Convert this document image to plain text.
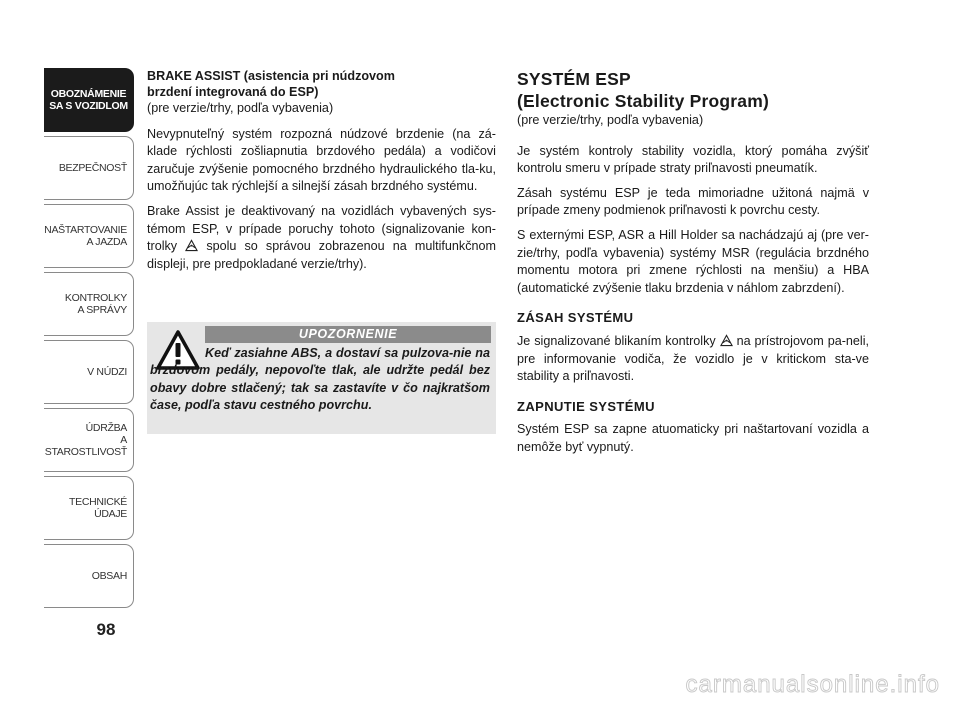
OBOZNÁMENIE
SA S VOZIDLOM
BEZPEČNOSŤ
NAŠTARTOVANIE
A JAZDA
KONTROLKY
A SPRÁVY
V NÚDZI
ÚDRŽBA
A STAROSTLIVOSŤ
TECHNICKÉ
ÚDAJE
OBSAH
98
BRAKE ASSIST (asistencia pri núdzovom
brzdení integrovaná do ESP)
(pre verzie/trhy, podľa vybavenia)

Nevypnuteľný systém rozpozná núdzové brzdenie (na zá-klade rýchlosti zošliapnutia brzdového pedála) a vodičovi zaručuje zvýšenie pomocného brzdného hydraulického tla-ku, umožňujúc tak rýchlejší a silnejší zásah brzdného systému.

Brake Assist je deaktivovaný na vozidlách vybavených sys-témom ESP, v prípade poruchy tohoto (signalizovanie kon-trolky spolu so správou zobrazenou na multifunkčnom displeji, pre predpokladané verzie/trhy).

UPOZORNENIE
Keď zasiahne ABS, a dostaví sa pulzova-nie na brzdovom pedály, nepovoľte tlak, ale udržte pedál bez obavy dobre stlačený; tak sa zastavíte v čo najkratšom čase, podľa stavu cestného povrchu.
SYSTÉM ESP
(Electronic Stability Program)
(pre verzie/trhy, podľa vybavenia)

Je systém kontroly stability vozidla, ktorý pomáha zvýšiť kontrolu smeru v prípade straty priľnavosti pneumatík.

Zásah systému ESP je teda mimoriadne užitoná najmä v prípade zmeny podmienok priľnavosti k povrchu cesty.

S externými ESP, ASR a Hill Holder sa nachádzajú aj (pre ver-zie/trhy, podľa vybavenia) systémy MSR (regulácia brzdného momentu motora pri zmene rýchlosti na menšiu) a HBA (automatické zvýšenie tlaku brzdenia v náhlom zabrzdení).

ZÁSAH SYSTÉMU

Je signalizované blikaním kontrolky na prístrojovom pa-neli, pre informovanie vodiča, že vozidlo je v kritickom sta-ve stability a priľnavosti.

ZAPNUTIE SYSTÉMU

Systém ESP sa zapne atuomaticky pri naštartovaní vozidla a nemôže byť vypnutý.

carmanualsonline.info
